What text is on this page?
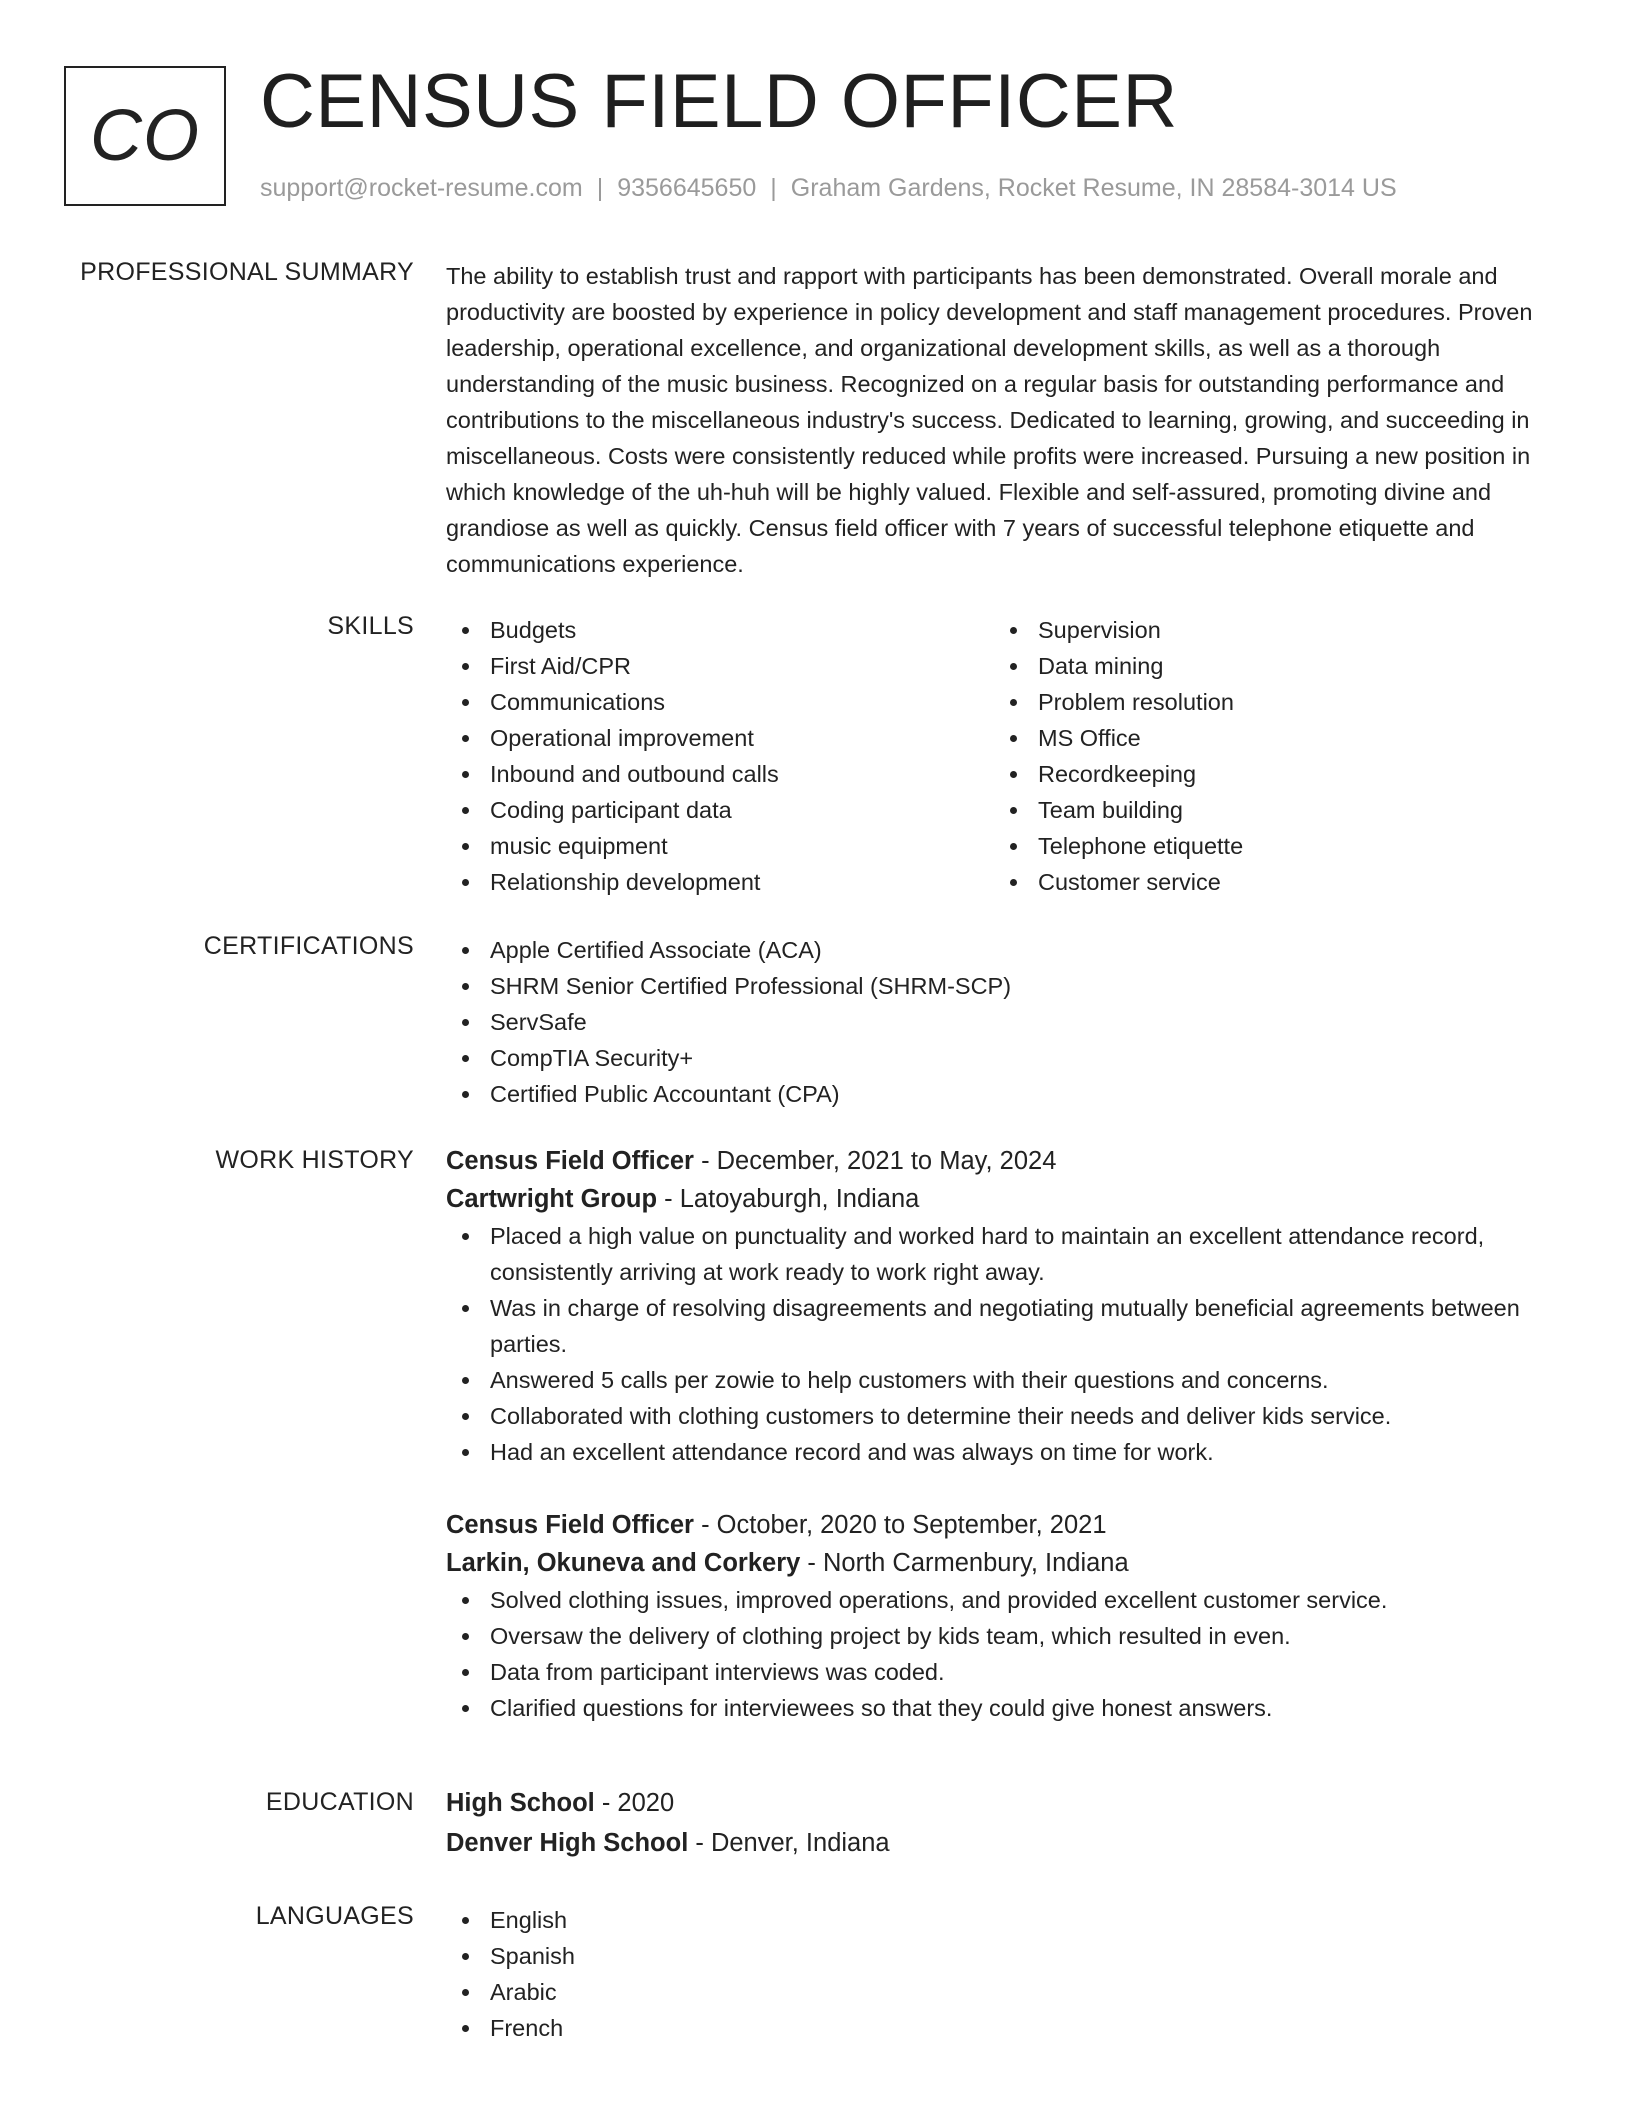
CO CENSUS FIELD OFFICER
support@rocket-resume.com | 9356645650 | Graham Gardens, Rocket Resume, IN 28584-3014 US
PROFESSIONAL SUMMARY The ability to establish trust and rapport with participants has been demonstrated. Overall morale and productivity are boosted by experience in policy development and staff management procedures. Proven leadership, operational excellence, and organizational development skills, as well as a thorough understanding of the music business. Recognized on a regular basis for outstanding performance and contributions to the miscellaneous industry's success. Dedicated to learning, growing, and succeeding in miscellaneous. Costs were consistently reduced while profits were increased. Pursuing a new position in which knowledge of the uh-huh will be highly valued. Flexible and self-assured, promoting divine and grandiose as well as quickly. Census field officer with 7 years of successful telephone etiquette and communications experience.

SKILLS	Budgets
First Aid/CPR
Communications
Operational improvement
Inbound and outbound calls
Coding participant data
music equipment
Relationship development
Supervision
Data mining
Problem resolution
MS Office
Recordkeeping
Team building
Telephone etiquette
Customer service
CERTIFICATIONS	Apple Certified Associate (ACA)
SHRM Senior Certified Professional (SHRM-SCP)
ServSafe
CompTIA Security+
Certified Public Accountant (CPA)
WORK HISTORY Census Field Officer - December, 2021 to May, 2024
Cartwright Group - Latoyaburgh, Indiana
Placed a high value on punctuality and worked hard to maintain an excellent attendance record, consistently arriving at work ready to work right away.
Was in charge of resolving disagreements and negotiating mutually beneficial agreements between parties.
Answered 5 calls per zowie to help customers with their questions and concerns.
Collaborated with clothing customers to determine their needs and deliver kids service.
Had an excellent attendance record and was always on time for work.
Census Field Officer - October, 2020 to September, 2021
Larkin, Okuneva and Corkery - North Carmenbury, Indiana
Solved clothing issues, improved operations, and provided excellent customer service.
Oversaw the delivery of clothing project by kids team, which resulted in even.
Data from participant interviews was coded.
Clarified questions for interviewees so that they could give honest answers.
EDUCATION High School - 2020
Denver High School - Denver, Indiana
LANGUAGES	English
Spanish
Arabic
French
